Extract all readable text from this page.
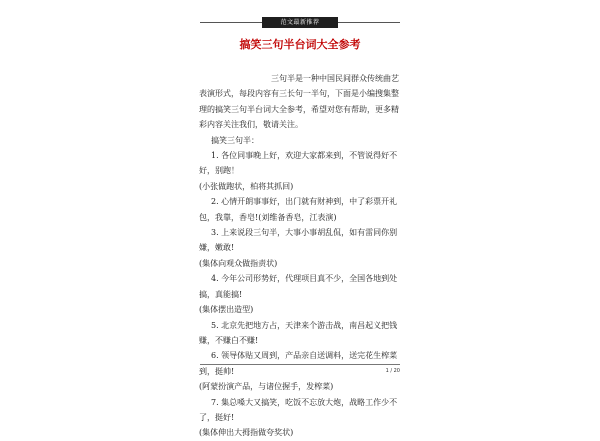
范文最新推荐
搞笑三句半台词大全参考

三句半是一种中国民间群众传统曲艺表演形式，每段内容有三长句一半句，下面是小编搜集整理的搞笑三句半台词大全参考，希望对您有帮助，更多精彩内容关注我们，敬请关注。

搞笑三句半：

1. 各位同事晚上好，欢迎大家都来到，不管说得好不好，别跑！

(小张做跑状，柏将其抓回)

2. 心情开朗事事好，出门就有财神到，中了彩票开礼包，我靠，香皂!(刘维备香皂，江表演)

3. 上来说段三句半，大事小事胡乱侃，如有雷同你别嫌，嫩敢!

(集体向观众做指责状)

4. 今年公司形势好，代理项目真不少，全国各地到处搞，真能搞!

(集体摆出造型)

5. 北京先把地方占，天津来个游击战，南昌起义把钱赚，不赚白不赚!

6. 领导体贴又周到，产品亲自送调料，送完花生榨菜到，挺帅!

(阿蒙扮演产品，与诸位握手，发榨菜)

7. 集总嗓大又搞笑，吃饭不忘放大炮，战略工作少不了，挺好!

(集体伸出大拇指做夸奖状)

1 / 20
